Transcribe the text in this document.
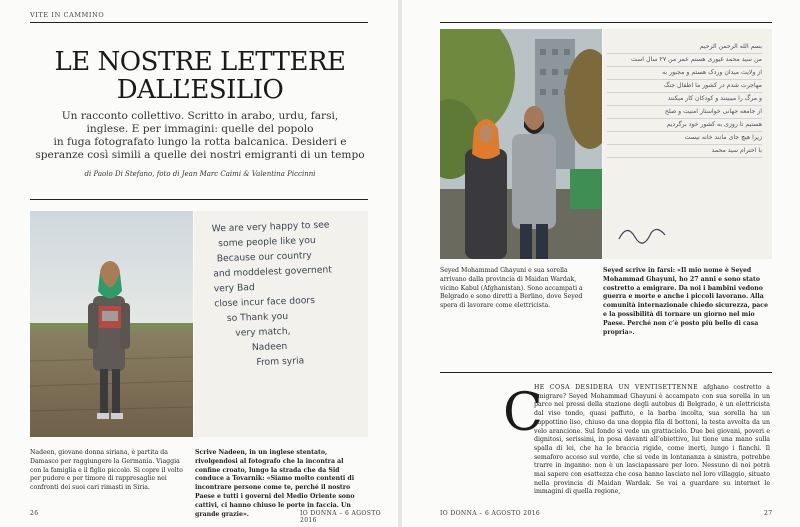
VITE IN CAMMINO
LE NOSTRE LETTERE
DALL’ESILIO
Un racconto collettivo. Scritto in arabo, urdu, farsi,
inglese. E per immagini: quelle del popolo
in fuga fotografato lungo la rotta balcanica. Desideri e
speranze così simili a quelle dei nostri emigranti di un tempo
di Paolo Di Stefano, foto di Jean Marc Caimi & Valentina Piccinni
We are very happy to see
some people like you
Because our country
and moddelest governent
very Bad
close incur face doors
so Thank you
very match,
Nadeen
From syria
Nadeen, giovane donna siriana, è partita da Damasco per raggiungere la Germania. Viaggia con la famiglia e il figlio piccolo. Si copre il volto per pudore e per timore di rappresaglie nei confronti dei suoi cari rimasti in Siria.
Scrive Nadeen, in un inglese stentato, rivolgendosi al fotografo che la incontra al confine croato, lungo la strada che da Sid conduce a Tovarnik: «Siamo molto contenti di incontrare persone come te, perché il nostro Paese e tutti i governi del Medio Oriente sono cattivi, ci hanno chiuso le porte in faccia. Un grande grazie».
26	IO DONNA – 6 AGOSTO 2016
بسم الله الرحمن الرحیم
من سید محمد غیوری هستم عمر من ۲۷ سال است
از ولایت میدان وردک هستم و مجبور به
مهاجرت شدم در کشور ما اطفال جنگ
و مرگ را میبینند و کودکان کار میکنند
از جامعه جهانی خواستار امنیت و صلح
هستیم تا روزی به کشور خود برگردیم
زیرا هیچ جای مانند خانه نیست
با احترام سید محمد
Seyed Mohammad Ghayuni e sua sorella arrivano dalla provincia di Maidan Wardak, vicino Kabul (Afghanistan). Sono accampati a Belgrado e sono diretti a Berlino, dove Seyed spera di lavorare come elettricista.
Seyed scrive in farsi: «Il mio nome è Seyed Mohammad Ghayuni, ho 27 anni e sono stato costretto a emigrare. Da noi i bambini vedono guerra e morte e anche i piccoli lavorano. Alla comunità internazionale chiedo sicurezza, pace e la possibilità di tornare un giorno nel mio Paese. Perché non c’è posto più bello di casa propria».
IO DONNA – 6 AGOSTO 2016	27
C
HE COSA DESIDERA UN VENTISETTENNE afghano costretto a emigrare? Seyed Mohammad Ghayuni è accampato con sua sorella in un parco nei pressi della stazione degli autobus di Belgrado, è un elettricista dal viso tondo, quasi paffuto, e la barba incolta, sua sorella ha un cappottino liso, chiuso da una doppia fila di bottoni, la testa avvolta da un velo arancione. Sul fondo si vede un grattacielo. Due bei giovani, poveri e dignitosi, serissimi, in posa davanti all’obiettivo, lui tiene una mano sulla spalla di lei, che ha le braccia rigide, come inerti, lungo i fianchi. Il semaforo acceso sul verde, che si vede in lontananza a sinistra, potrebbe trarre in inganno: non è un lasciapassare per loro. Nessuno di noi potrà mai sapere con esattezza che cosa hanno lasciato nel loro villaggio, situato nella provincia di Maidan Wardak. Se vai a guardare su internet le immagini di quella regione,
